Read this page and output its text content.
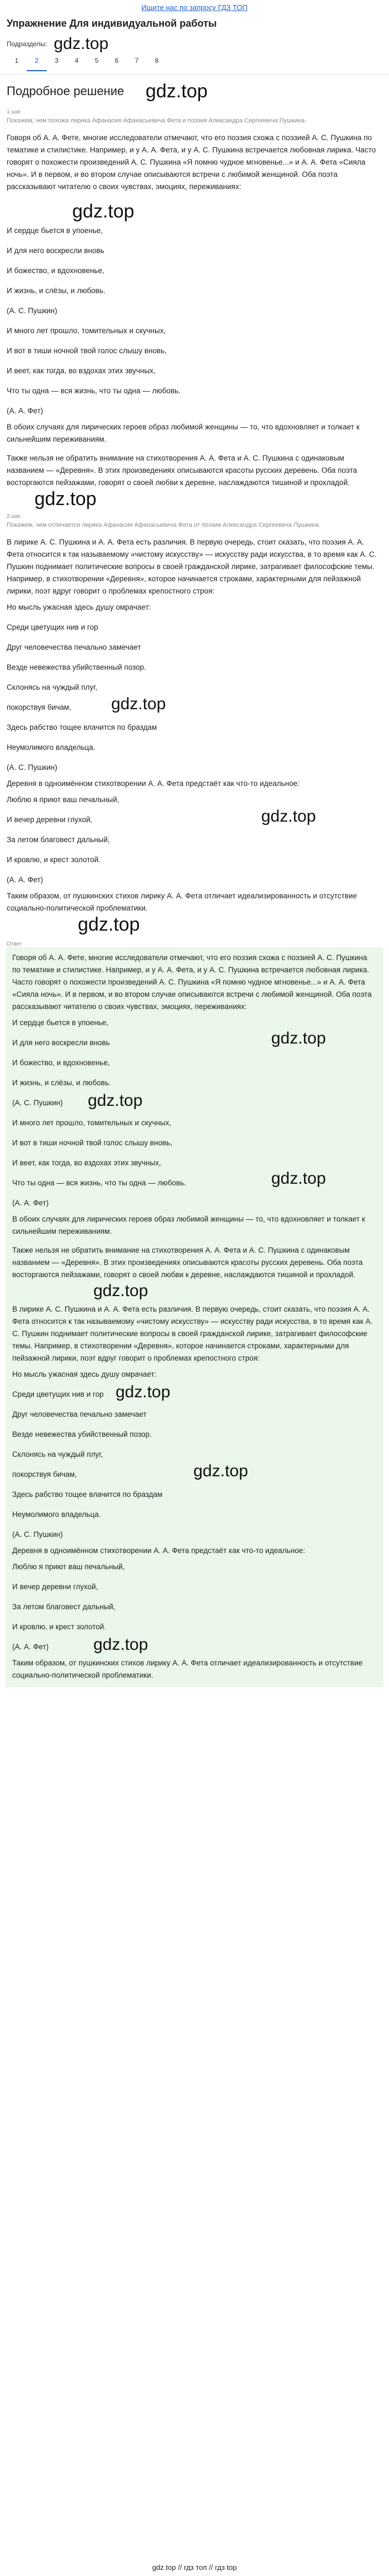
Ищите нас по запросу ГДЗ ТОП
Упражнение Для индивидуальной работы
Подразделы: gdz.top
1	2	3	4	5	6	7	8
Подробное решение gdz.top
1 шаг
Покажем, чем похожа лирика Афанасия Афанасьевича Фета и поэзия Александра Сергеевича Пушкина.
Говоря об А. А. Фете, многие исследователи отмечают, что его поэзия схожа с поэзией А. С. Пушкина по тематике и стилистике. Например, и у А. А. Фета, и у А. С. Пушкина встречается любовная лирика. Часто говорят о похожести произведений А. С. Пушкина «Я помню чудное мгновенье...» и А. А. Фета «Сияла ночь». И в первом, и во втором случае описываются встречи с любимой женщиной. Оба поэта рассказывают читателю о своих чувствах, эмоциях, переживаниях:
gdz.top
И сердце бьется в упоенье,
И для него воскресли вновь
И божество, и вдохновенье,
И жизнь, и слёзы, и любовь.
(А. С. Пушкин)
И много лет прошло, томительных и скучных,
И вот в тиши ночной твой голос слышу вновь,
И веет, как тогда, во вздохах этих звучных,
Что ты одна — вся жизнь, что ты одна — любовь.
(А. А. Фет)
В обоих случаях для лирических героев образ любимой женщины — то, что вдохновляет и толкает к сильнейшим переживаниям.
Также нельзя не обратить внимание на стихотворения А. А. Фета и А. С. Пушкина с одинаковым названием — «Деревня». В этих произведениях описываются красоты русских деревень. Оба поэта восторгаются пейзажами, говорят о своей любви к деревне, наслаждаются тишиной и прохладой.
gdz.top
2 шаг
Покажем, чем отличается лирика Афанасия Афанасьевича Фета от поэзии Александра Сергеевича Пушкина.
В лирике А. С. Пушкина и А. А. Фета есть различия. В первую очередь, стоит сказать, что поэзия А. А. Фета относится к так называемому «чистому искусству» — искусству ради искусства, в то время как А. С. Пушкин поднимает политические вопросы в своей гражданской лирике, затрагивает философские темы. Например, в стихотворении «Деревня», которое начинается строками, характерными для пейзажной лирики, поэт вдруг говорит о проблемах крепостного строя:
Но мысль ужасная здесь душу омрачает:
Среди цветущих нив и гор
Друг человечества печально замечает
Везде невежества убийственный позор.
Склонясь на чуждый плуг,
покорствуя бичам, gdz.top
Здесь рабство тощее влачится по браздам
Неумолимого владельца.
(А. С. Пушкин)
Деревня в одноимённом стихотворении А. А. Фета предстаёт как что-то идеальное:
Люблю я приют ваш печальный,
И вечер деревни глухой,	gdz.top
За летом благовест дальный,
И кровлю, и крест золотой.
(А. А. Фет)
Таким образом, от пушкинских стихов лирику А. А. Фета отличает идеализированность и отсутствие социально-политической проблематики.
gdz.top
Ответ
Говоря об А. А. Фете, многие исследователи отмечают, что его поэзия схожа с поэзией А. С. Пушкина по тематике и стилистике. Например, и у А. А. Фета, и у А. С. Пушкина встречается любовная лирика. Часто говорят о похожести произведений А. С. Пушкина «Я помню чудное мгновенье...» и А. А. Фета «Сияла ночь». И в первом, и во втором случае описываются встречи с любимой женщиной. Оба поэта рассказывают читателю о своих чувствах, эмоциях, переживаниях:
И сердце бьется в упоенье,
И для него воскресли вновь	gdz.top
И божество, и вдохновенье,
И жизнь, и слёзы, и любовь.
(А. С. Пушкин) gdz.top
И много лет прошло, томительных и скучных,
И вот в тиши ночной твой голос слышу вновь,
И веет, как тогда, во вздохах этих звучных,
Что ты одна — вся жизнь, что ты одна — любовь.	gdz.top
(А. А. Фет)
В обоих случаях для лирических героев образ любимой женщины — то, что вдохновляет и толкает к сильнейшим переживаниям.
Также нельзя не обратить внимание на стихотворения А. А. Фета и А. С. Пушкина с одинаковым названием — «Деревня». В этих произведениях описываются красоты русских деревень. Оба поэта восторгаются пейзажами, говорят о своей любви к деревне, наслаждаются тишиной и прохладой.
gdz.top
В лирике А. С. Пушкина и А. А. Фета есть различия. В первую очередь, стоит сказать, что поэзия А. А. Фета относится к так называемому «чистому искусству» — искусству ради искусства, в то время как А. С. Пушкин поднимает политические вопросы в своей гражданской лирике, затрагивает философские темы. Например, в стихотворении «Деревня», которое начинается строками, характерными для пейзажной лирики, поэт вдруг говорит о проблемах крепостного строя:
Но мысль ужасная здесь душу омрачает:
Среди цветущих нив и гор gdz.top
Друг человечества печально замечает
Везде невежества убийственный позор.
Склонясь на чуждый плуг,
покорствуя бичам,	gdz.top
Здесь рабство тощее влачится по браздам
Неумолимого владельца.
(А. С. Пушкин)
Деревня в одноимённом стихотворении А. А. Фета предстаёт как что-то идеальное:
Люблю я приют ваш печальный,
И вечер деревни глухой,
За летом благовест дальный,
И кровлю, и крест золотой.
(А. А. Фет)	gdz.top
Таким образом, от пушкинских стихов лирику А. А. Фета отличает идеализированность и отсутствие социально-политической проблематики.
gdz.top // гдз топ // гдз top
